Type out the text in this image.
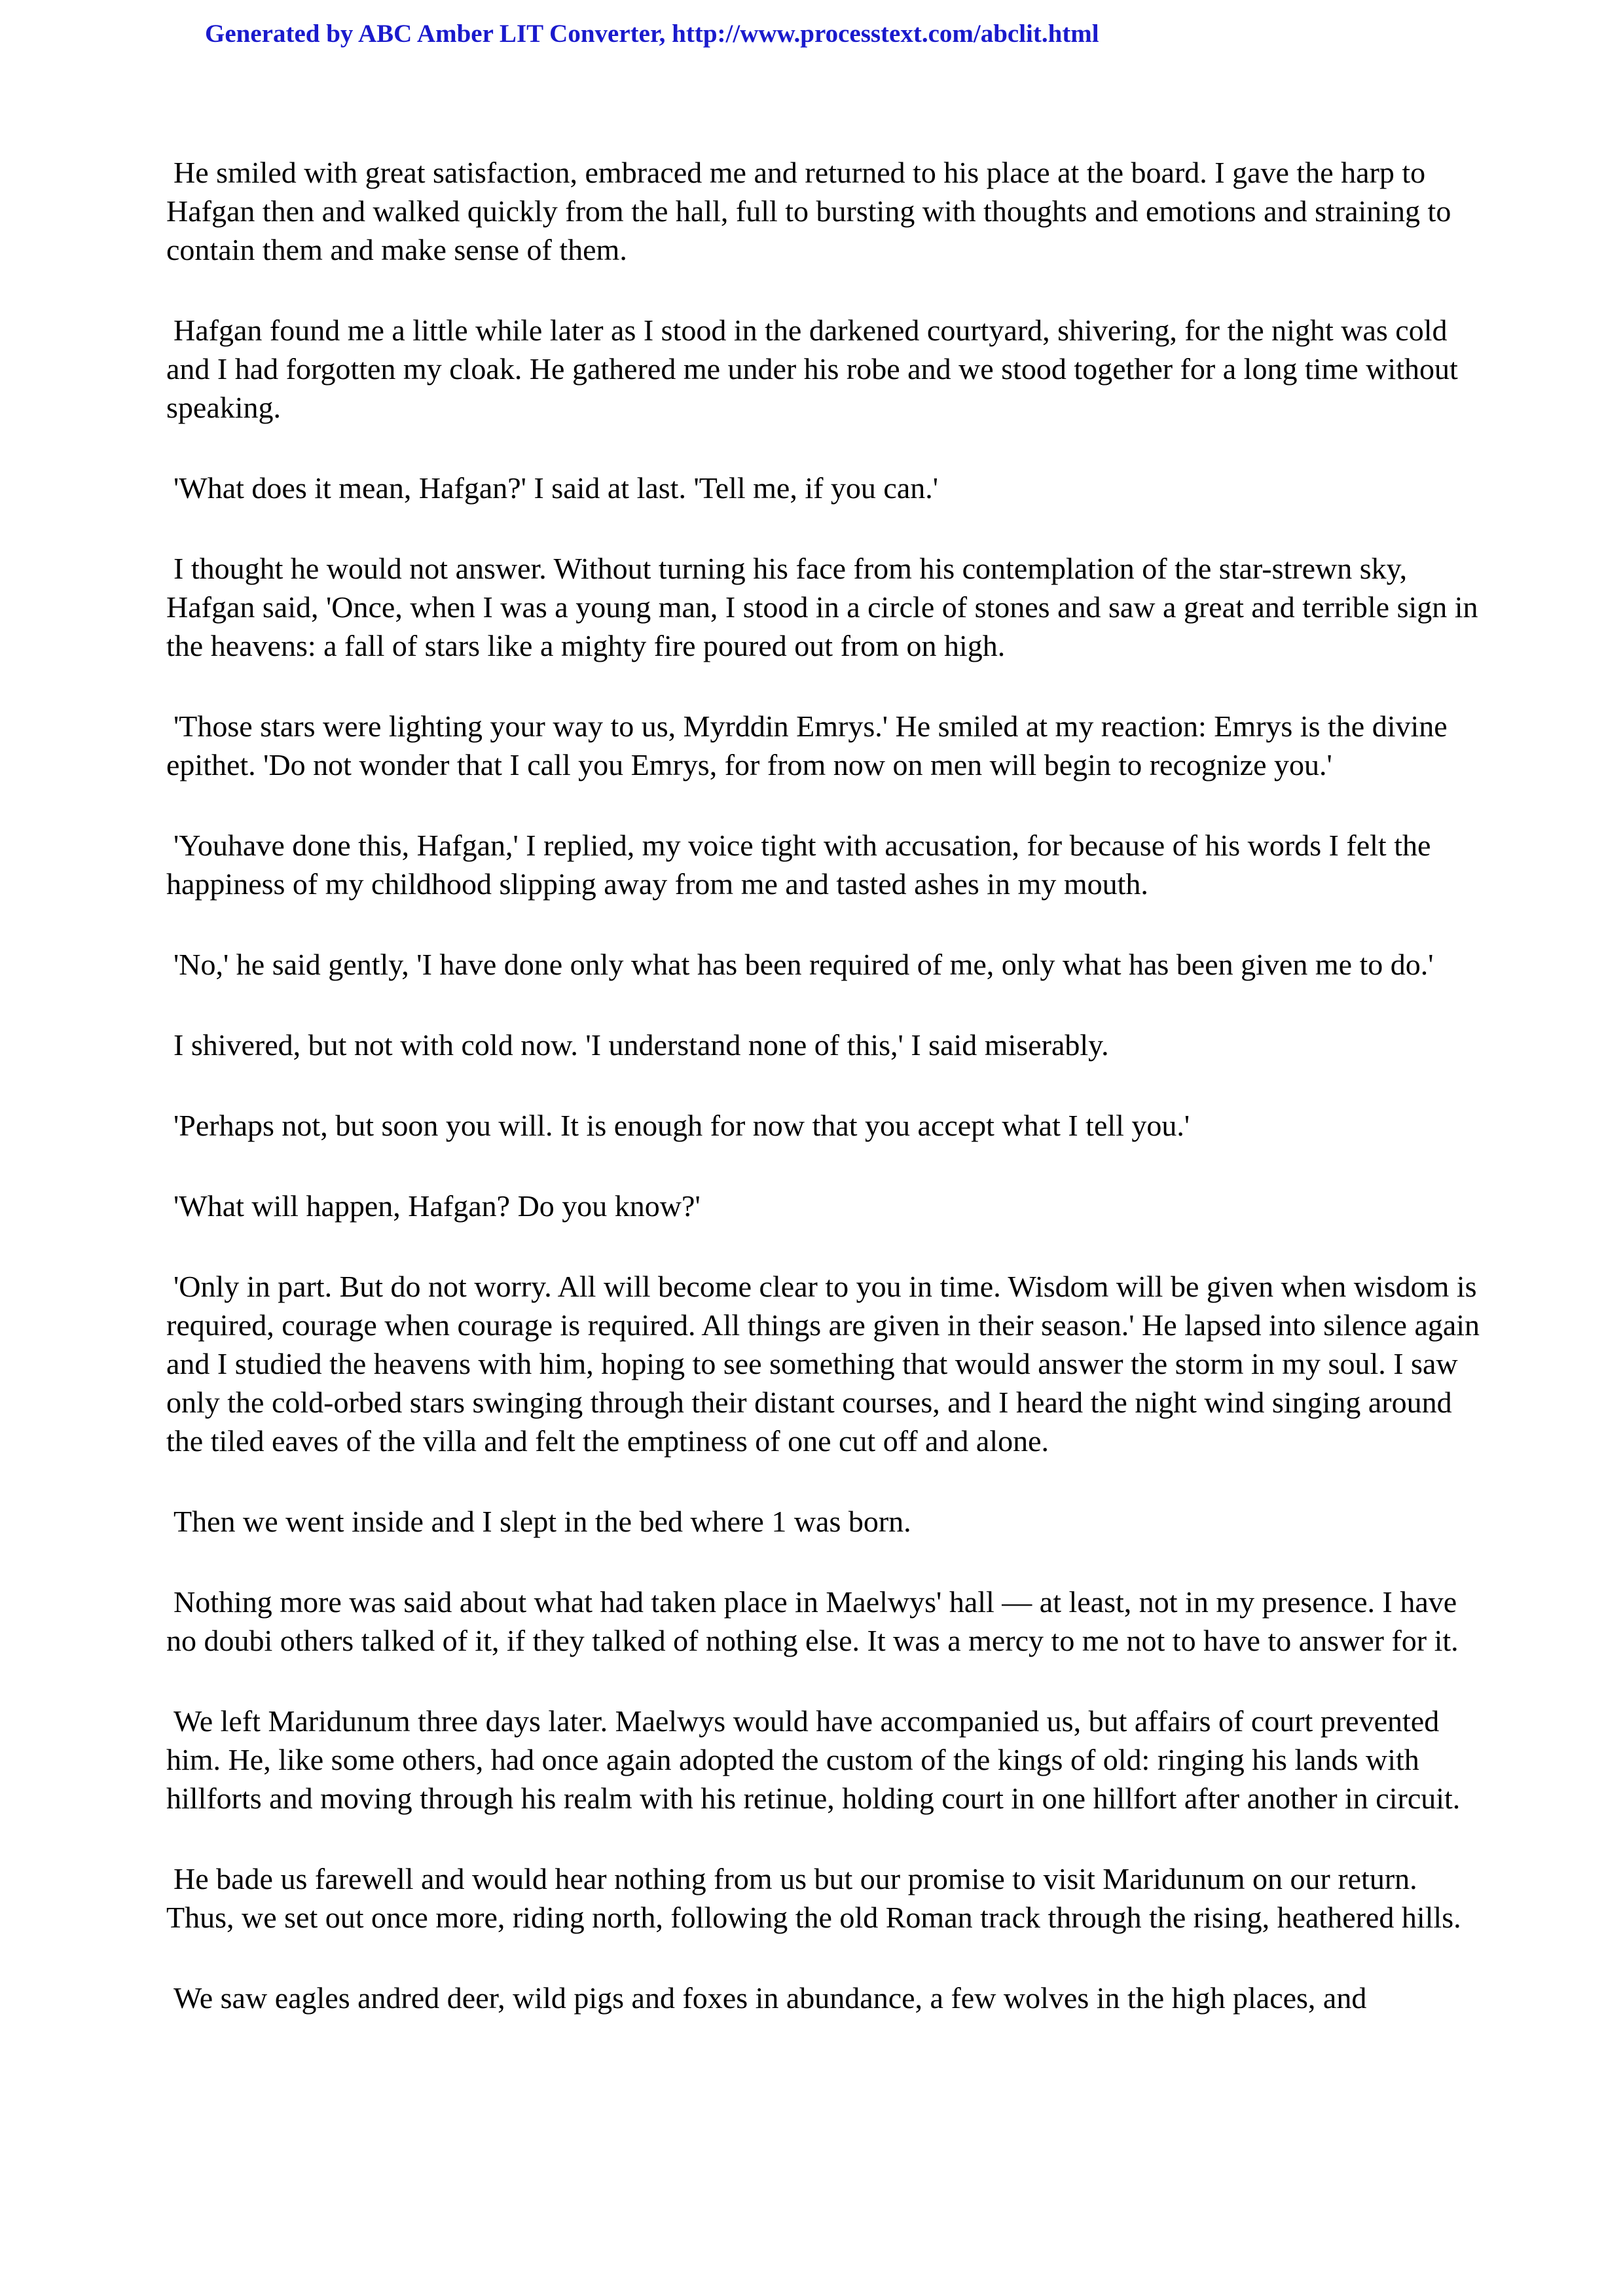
Generated by ABC Amber LIT Converter, http://www.processtext.com/abclit.html

He smiled with great satisfaction, embraced me and returned to his place at the board. I gave the harp to Hafgan then and walked quickly from the hall, full to bursting with thoughts and emotions and straining to contain them and make sense of them.

Hafgan found me a little while later as I stood in the darkened courtyard, shivering, for the night was cold and I had forgotten my cloak. He gathered me under his robe and we stood together for a long time without speaking.

'What does it mean, Hafgan?' I said at last. 'Tell me, if you can.'

I thought he would not answer. Without turning his face from his contemplation of the star-strewn sky, Hafgan said, 'Once, when I was a young man, I stood in a circle of stones and saw a great and terrible sign in the heavens: a fall of stars like a mighty fire poured out from on high.

'Those stars were lighting your way to us, Myrddin Emrys.' He smiled at my reaction: Emrys is the divine epithet. 'Do not wonder that I call you Emrys, for from now on men will begin to recognize you.'

'Youhave done this, Hafgan,' I replied, my voice tight with accusation, for because of his words I felt the happiness of my childhood slipping away from me and tasted ashes in my mouth.

'No,' he said gently, 'I have done only what has been required of me, only what has been given me to do.'

I shivered, but not with cold now. 'I understand none of this,' I said miserably.

'Perhaps not, but soon you will. It is enough for now that you accept what I tell you.'

'What will happen, Hafgan? Do you know?'

'Only in part. But do not worry. All will become clear to you in time. Wisdom will be given when wisdom is required, courage when courage is required. All things are given in their season.' He lapsed into silence again and I studied the heavens with him, hoping to see something that would answer the storm in my soul. I saw only the cold-orbed stars swinging through their distant courses, and I heard the night wind singing around the tiled eaves of the villa and felt the emptiness of one cut off and alone.

Then we went inside and I slept in the bed where 1 was born.

Nothing more was said about what had taken place in Maelwys' hall — at least, not in my presence. I have no doubi others talked of it, if they talked of nothing else. It was a mercy to me not to have to answer for it.

We left Maridunum three days later. Maelwys would have accompanied us, but affairs of court prevented him. He, like some others, had once again adopted the custom of the kings of old: ringing his lands with hillforts and moving through his realm with his retinue, holding court in one hillfort after another in circuit.

He bade us farewell and would hear nothing from us but our promise to visit Maridunum on our return. Thus, we set out once more, riding north, following the old Roman track through the rising, heathered hills.

We saw eagles andred deer, wild pigs and foxes in abundance, a few wolves in the high places, and
